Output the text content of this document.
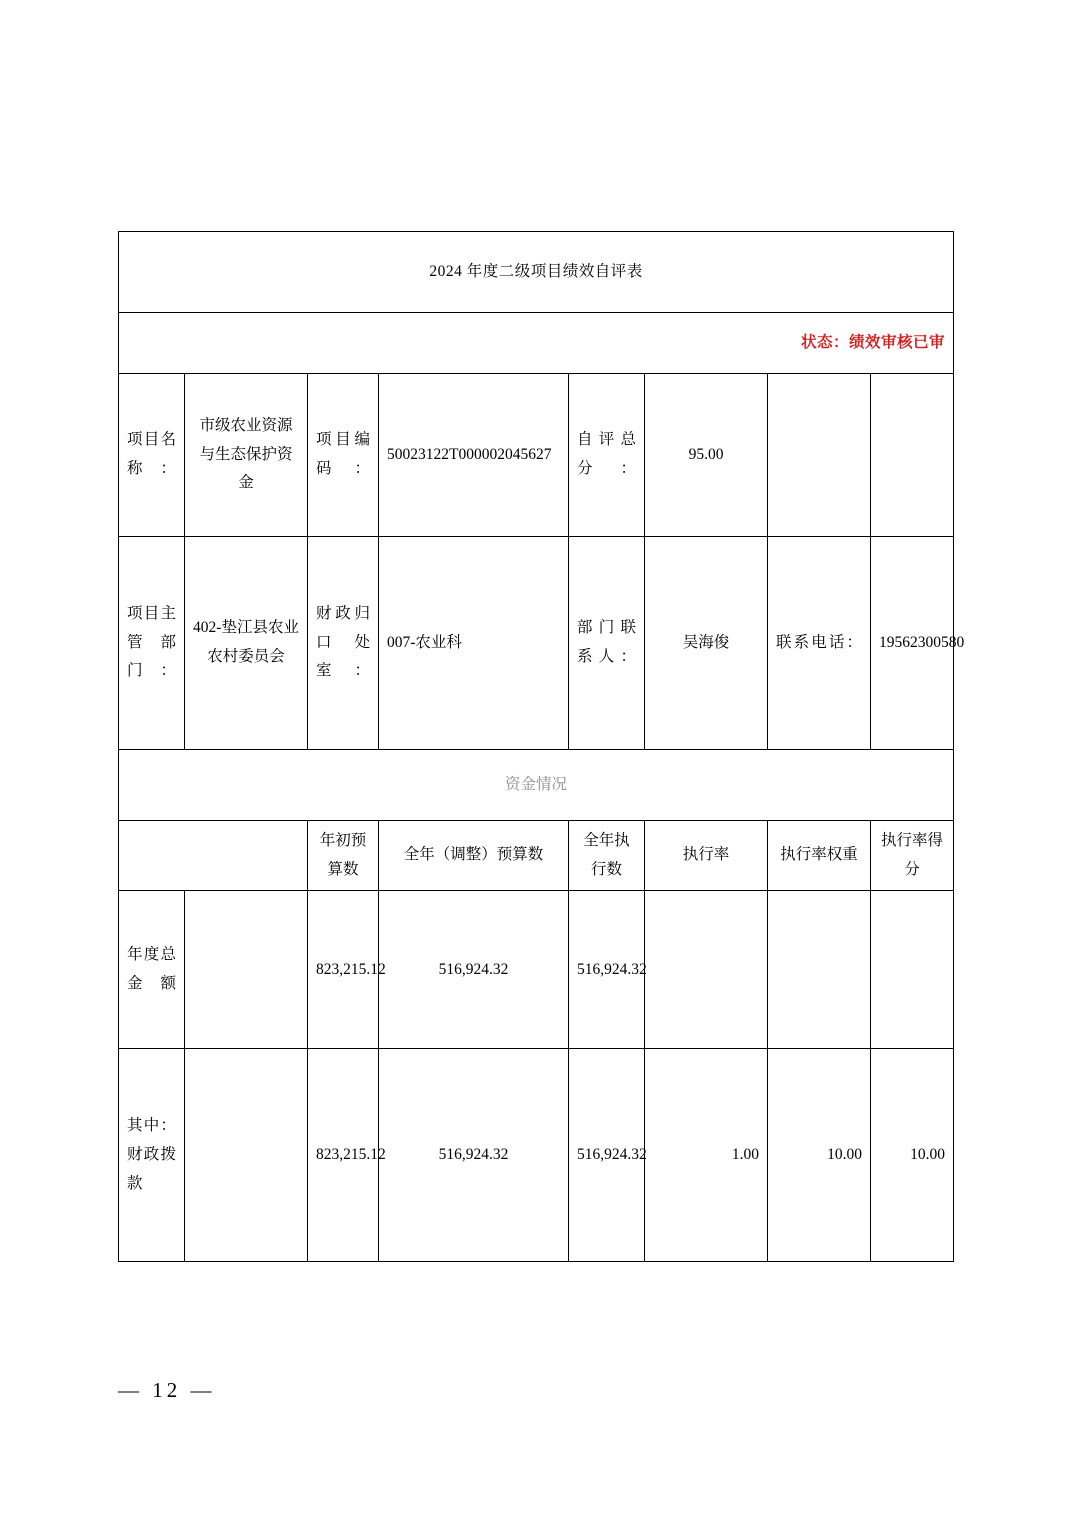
2024 年度二级项目绩效自评表							
状态：绩效审核已审							
项目名称：	市级农业资源与生态保护资金	项目编码：	50023122T000002045627	自评总分：	95.00		
项目主管部门：	402-垫江县农业农村委员会	财政归口处室：	007-农业科	部门联系人：	吴海俊	联系电话：	19562300580
资金情况							
		年初预算数	全年（调整）预算数	全年执行数	执行率	执行率权重	执行率得分
年度总金额		823,215.12	516,924.32	516,924.32			
其中：财政拨款		823,215.12	516,924.32	516,924.32	1.00	10.00	10.00
— 12 —
